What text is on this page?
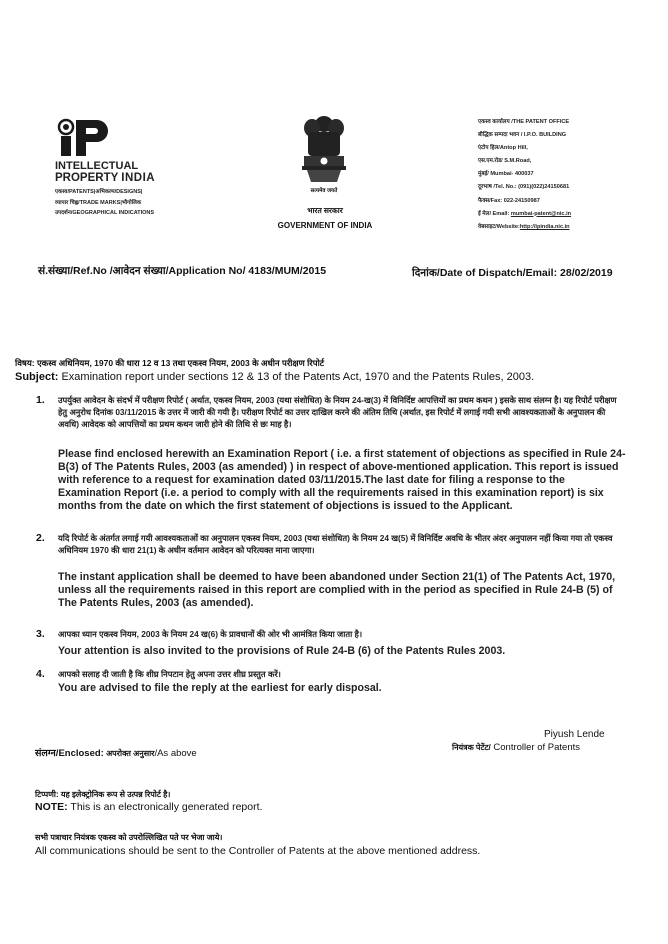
INTELLECTUAL
PROPERTY INDIA
एकस्व/PATENTS|अभिकल्प/DESIGNS|
व्यापार चिह्न/TRADE MARKS|भौगोलिक
उपदर्शन/GEOGRAPHICAL INDICATIONS
सत्यमेव जयते
भारत सरकार
GOVERNMENT OF INDIA
एकस्व कार्यालय /THE PATENT OFFICE
बौद्धिक सम्पदा भवन / I.P.O. BUILDING
एंटोप हिल/Antop Hill,
एस.एम.रोड/ S.M.Road,
मुंबई/ Mumbai- 400037
दूरभाष /Tel. No.: (091)(022)24150681
फैक्स/Fax: 022-24150987
ई मेल/ Email: mumbai-patent@nic.in
वेबसाइट/Website:http://ipindia.nic.in
सं.संख्या/Ref.No /आवेदन संख्या/Application No/ 4183/MUM/2015	दिनांक/Date of Dispatch/Email: 28/02/2019
विषय: एकस्व अधिनियम, 1970 की धारा 12 व 13 तथा एकस्व नियम, 2003 के अधीन परीक्षण रिपोर्ट
Subject: Examination report under sections 12 & 13 of the Patents Act, 1970 and the Patents Rules, 2003.
1. उपर्युक्त आवेदन के संदर्भ में परीक्षण रिपोर्ट ( अर्थात, एकस्व नियम, 2003 (यथा संशोधित) के नियम 24-ख(3) में विनिर्दिष्ट आपत्तियों का प्रथम कथन ) इसके साथ संलग्न है। यह रिपोर्ट परीक्षण हेतु अनुरोध दिनांक 03/11/2015 के उत्तर में जारी की गयी है। परीक्षण रिपोर्ट का उत्तर दाखिल करने की अंतिम तिथि (अर्थात, इस रिपोर्ट में लगाई गयी सभी आवश्यकताओं के अनुपालन की अवधि) आवेदक को आपत्तियों का प्रथम कथन जारी होने की तिथि से छः माह है।
Please find enclosed herewith an Examination Report ( i.e. a first statement of objections as specified in Rule 24-B(3) of The Patents Rules, 2003 (as amended) ) in respect of above-mentioned application. This report is issued with reference to a request for examination dated 03/11/2015.The last date for filing a response to the Examination Report (i.e. a period to comply with all the requirements raised in this examination report) is six months from the date on which the first statement of objections is issued to the Applicant.
2. यदि रिपोर्ट के अंतर्गत लगाई गयी आवश्यकताओं का अनुपालन एकस्व नियम, 2003 (यथा संशोधित) के नियम 24 ख(5) में विनिर्दिष्ट अवधि के भीतर अंदर अनुपालन नहीं किया गया तो एकस्व अधिनियम 1970 की धारा 21(1) के अधीन वर्तमान आवेदन को परित्यक्त माना जाएगा।
The instant application shall be deemed to have been abandoned under Section 21(1) of The Patents Act, 1970, unless all the requirements raised in this report are complied with in the period as specified in Rule 24-B (5) of The Patents Rules, 2003 (as amended).
3. आपका ध्यान एकस्व नियम, 2003 के नियम 24 ख(6) के प्रावधानों की ओर भी आमंत्रित किया जाता है।
Your attention is also invited to the provisions of Rule 24-B (6) of the Patents Rules 2003.
4. आपको सलाह दी जाती है कि शीघ्र निपटान हेतु अपना उत्तर शीघ्र प्रस्तुत करें।
You are advised to file the reply at the earliest for early disposal.
Piyush Lende
नियंत्रक पेटेंट/ Controller of Patents
संलग्न/Enclosed: अपरोक्त अनुसार/As above
टिप्पणी: यह इलेक्ट्रोनिक रूप से उत्पन्न रिपोर्ट है।
NOTE: This is an electronically generated report.
सभी पत्राचार नियंत्रक एकस्व को उपरोल्लिखित पते पर भेजा जाये।
All communications should be sent to the Controller of Patents at the above mentioned address.
